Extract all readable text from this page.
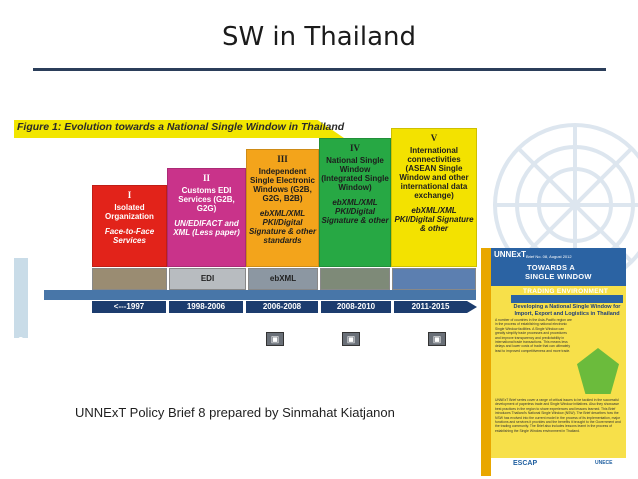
SW in Thailand
Figure 1: Evolution towards a National Single Window in Thailand
2
I
Isolated Organization
Face-to-Face Services
II
Customs EDI Services (G2B, G2G)
UN/EDIFACT and XML (Less paper)
III
Independent Single Electronic Windows (G2B, G2G, B2B)
ebXML/XML PKI/Digital Signature & other standards
IV
National Single Window (Integrated Single Window)
ebXML/XML PKI/Digital Signature & other
V
International connectivities (ASEAN Single Window and other international data exchange)
ebXML/XML PKI/Digital Signature & other
EDI	ebXML
<---1997	1998-2006	2006-2008	2008-2010	2011-2015
▣	▣	▣
UNNExT Policy Brief 8 prepared by Sinmahat Kiatjanon
UNNExT Brief No. 08, August 2012
TOWARDS A
SINGLE WINDOW
TRADING ENVIRONMENT
Developing a National Single Window for Import, Export and Logistics in Thailand
A number of countries in the Asia-Pacific region are in the process of establishing national electronic Single Window facilities. A Single Window can greatly simplify trade processes and procedures and improve transparency and predictability in international trade transactions. This means less delays and lower costs of trade that can ultimately lead to improved competitiveness and more trade.
UNNExT Brief series cover a range of critical issues to be tackled in the successful development of paperless trade and Single Window initiatives. Also they showcase best practices in the region to share experiences and lessons learned. This Brief introduces Thailand's National Single Window (NSW). The Brief describes how the NSW has evolved into the current model in the process of its implementation, major functions and services it provides and the benefits it brought to the Government and the trading community. The Brief also includes lessons learnt in the process of establishing the Single Window environment in Thailand.
ESCAP	UNECE
